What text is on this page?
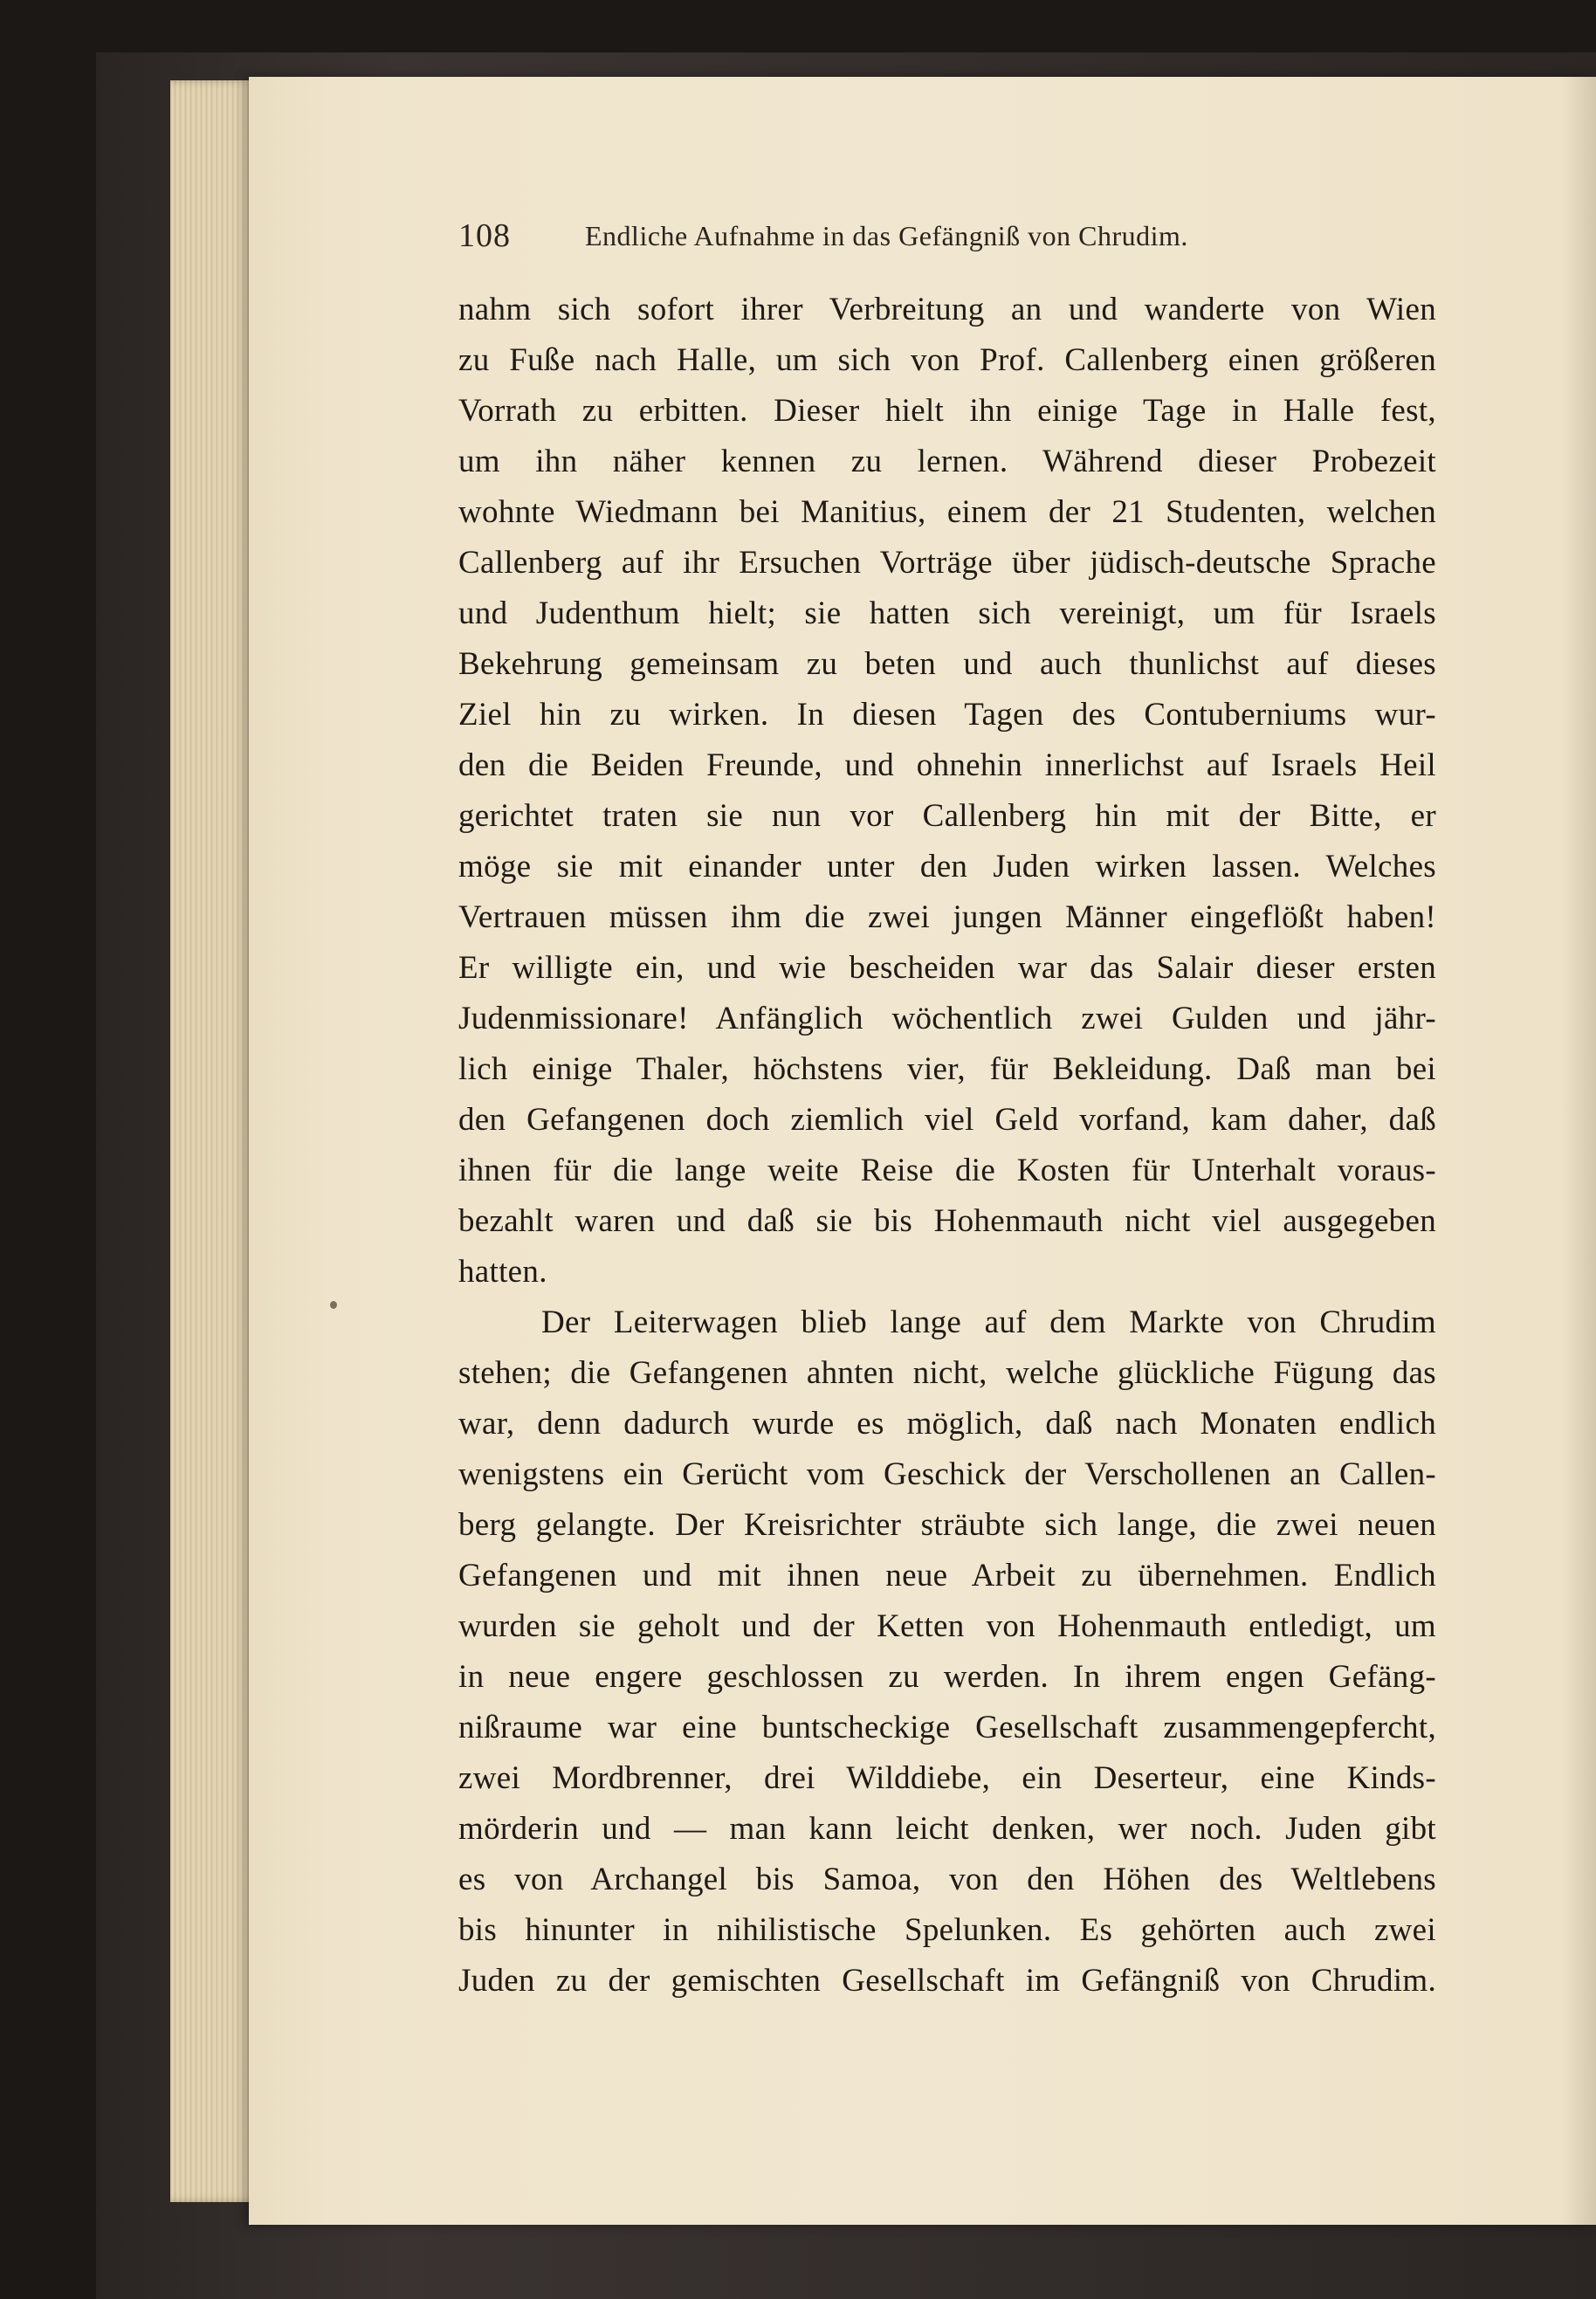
108	Endliche Aufnahme in das Gefängniß von Chrudim.
nahm sich sofort ihrer Verbreitung an und wanderte von Wien
zu Fuße nach Halle, um sich von Prof. Callenberg einen größeren
Vorrath zu erbitten. Dieser hielt ihn einige Tage in Halle fest,
um ihn näher kennen zu lernen. Während dieser Probezeit
wohnte Wiedmann bei Manitius, einem der 21 Studenten, welchen
Callenberg auf ihr Ersuchen Vorträge über jüdisch-deutsche Sprache
und Judenthum hielt; sie hatten sich vereinigt, um für Israels
Bekehrung gemeinsam zu beten und auch thunlichst auf dieses
Ziel hin zu wirken. In diesen Tagen des Contuberniums wur-
den die Beiden Freunde, und ohnehin innerlichst auf Israels Heil
gerichtet traten sie nun vor Callenberg hin mit der Bitte, er
möge sie mit einander unter den Juden wirken lassen. Welches
Vertrauen müssen ihm die zwei jungen Männer eingeflößt haben!
Er willigte ein, und wie bescheiden war das Salair dieser ersten
Judenmissionare! Anfänglich wöchentlich zwei Gulden und jähr-
lich einige Thaler, höchstens vier, für Bekleidung. Daß man bei
den Gefangenen doch ziemlich viel Geld vorfand, kam daher, daß
ihnen für die lange weite Reise die Kosten für Unterhalt voraus-
bezahlt waren und daß sie bis Hohenmauth nicht viel ausgegeben
hatten.
Der Leiterwagen blieb lange auf dem Markte von Chrudim
stehen; die Gefangenen ahnten nicht, welche glückliche Fügung das
war, denn dadurch wurde es möglich, daß nach Monaten endlich
wenigstens ein Gerücht vom Geschick der Verschollenen an Callen-
berg gelangte. Der Kreisrichter sträubte sich lange, die zwei neuen
Gefangenen und mit ihnen neue Arbeit zu übernehmen. Endlich
wurden sie geholt und der Ketten von Hohenmauth entledigt, um
in neue engere geschlossen zu werden. In ihrem engen Gefäng-
nißraume war eine buntscheckige Gesellschaft zusammengepfercht,
zwei Mordbrenner, drei Wilddiebe, ein Deserteur, eine Kinds-
mörderin und — man kann leicht denken, wer noch. Juden gibt
es von Archangel bis Samoa, von den Höhen des Weltlebens
bis hinunter in nihilistische Spelunken. Es gehörten auch zwei
Juden zu der gemischten Gesellschaft im Gefängniß von Chrudim.
